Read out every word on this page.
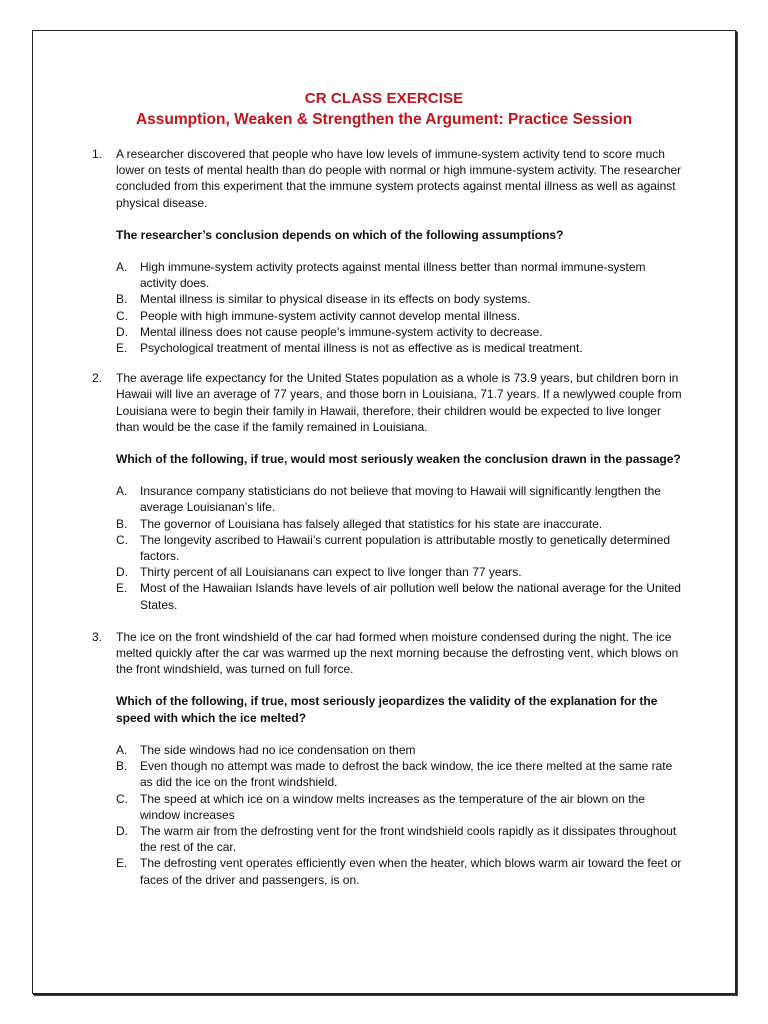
CR CLASS EXERCISE
Assumption, Weaken & Strengthen the Argument: Practice Session
1. A researcher discovered that people who have low levels of immune-system activity tend to score much lower on tests of mental health than do people with normal or high immune-system activity. The researcher concluded from this experiment that the immune system protects against mental illness as well as against physical disease.

The researcher’s conclusion depends on which of the following assumptions?

A. High immune-system activity protects against mental illness better than normal immune-system activity does.
B. Mental illness is similar to physical disease in its effects on body systems.
C. People with high immune-system activity cannot develop mental illness.
D. Mental illness does not cause people’s immune-system activity to decrease.
E. Psychological treatment of mental illness is not as effective as is medical treatment.
2. The average life expectancy for the United States population as a whole is 73.9 years, but children born in Hawaii will live an average of 77 years, and those born in Louisiana, 71.7 years. If a newlywed couple from Louisiana were to begin their family in Hawaii, therefore, their children would be expected to live longer than would be the case if the family remained in Louisiana.

Which of the following, if true, would most seriously weaken the conclusion drawn in the passage?

A. Insurance company statisticians do not believe that moving to Hawaii will significantly lengthen the average Louisianan’s life.
B. The governor of Louisiana has falsely alleged that statistics for his state are inaccurate.
C. The longevity ascribed to Hawaii’s current population is attributable mostly to genetically determined factors.
D. Thirty percent of all Louisianans can expect to live longer than 77 years.
E. Most of the Hawaiian Islands have levels of air pollution well below the national average for the United States.
3. The ice on the front windshield of the car had formed when moisture condensed during the night. The ice melted quickly after the car was warmed up the next morning because the defrosting vent, which blows on the front windshield, was turned on full force.

Which of the following, if true, most seriously jeopardizes the validity of the explanation for the speed with which the ice melted?

A. The side windows had no ice condensation on them
B. Even though no attempt was made to defrost the back window, the ice there melted at the same rate as did the ice on the front windshield.
C. The speed at which ice on a window melts increases as the temperature of the air blown on the window increases
D. The warm air from the defrosting vent for the front windshield cools rapidly as it dissipates throughout the rest of the car.
E. The defrosting vent operates efficiently even when the heater, which blows warm air toward the feet or faces of the driver and passengers, is on.
